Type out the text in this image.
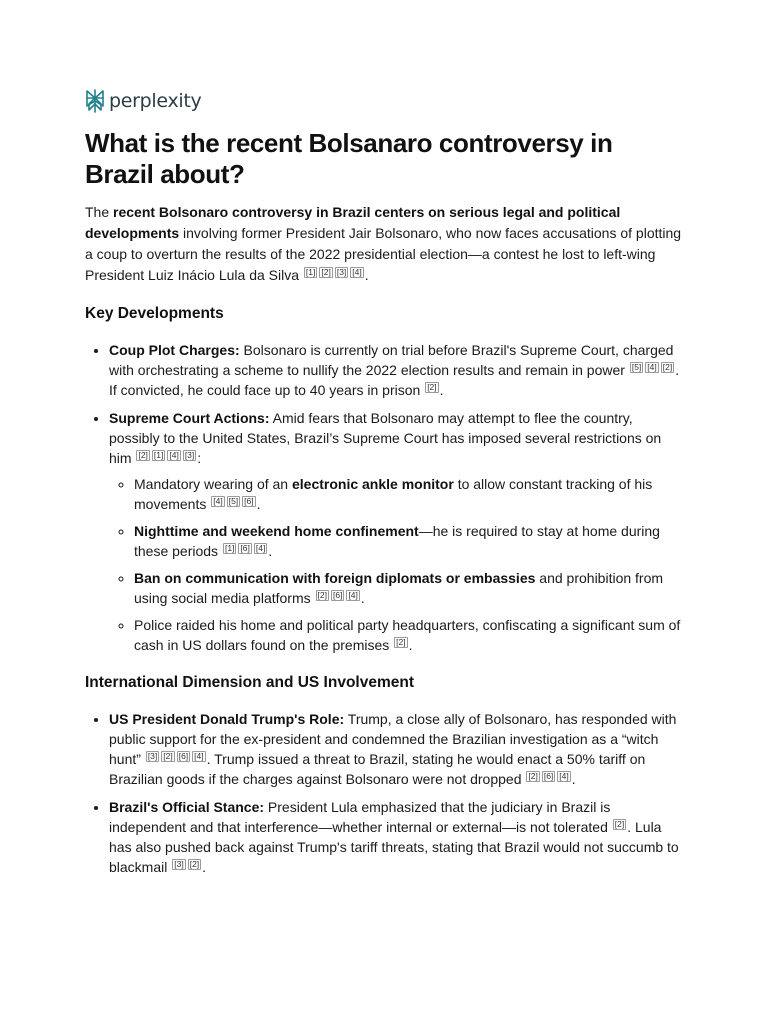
perplexity
What is the recent Bolsanaro controversy in Brazil about?

The recent Bolsonaro controversy in Brazil centers on serious legal and political developments involving former President Jair Bolsonaro, who now faces accusations of plotting a coup to overturn the results of the 2022 presidential election—a contest he lost to left-wing President Luiz Inácio Lula da Silva [1] [2] [3] [4] .

Key Developments
• Coup Plot Charges: Bolsonaro is currently on trial before Brazil's Supreme Court, charged with orchestrating a scheme to nullify the 2022 election results and remain in power [5] [4] [2] . If convicted, he could face up to 40 years in prison [2] .
• Supreme Court Actions: Amid fears that Bolsonaro may attempt to flee the country, possibly to the United States, Brazil’s Supreme Court has imposed several restrictions on him [2] [1] [4] [3] :
◦ Mandatory wearing of an electronic ankle monitor to allow constant tracking of his movements [4] [5] [6] .
◦ Nighttime and weekend home confinement—he is required to stay at home during these periods [1] [6] [4] .
◦ Ban on communication with foreign diplomats or embassies and prohibition from using social media platforms [2] [6] [4] .
◦ Police raided his home and political party headquarters, confiscating a significant sum of cash in US dollars found on the premises [2] .
International Dimension and US Involvement
• US President Donald Trump's Role: Trump, a close ally of Bolsonaro, has responded with public support for the ex-president and condemned the Brazilian investigation as a “witch hunt” [3] [2] [6] [4] . Trump issued a threat to Brazil, stating he would enact a 50% tariff on Brazilian goods if the charges against Bolsonaro were not dropped [2] [6] [4] .
• Brazil's Official Stance: President Lula emphasized that the judiciary in Brazil is independent and that interference—whether internal or external—is not tolerated [2] . Lula has also pushed back against Trump's tariff threats, stating that Brazil would not succumb to blackmail [3] [2] .
